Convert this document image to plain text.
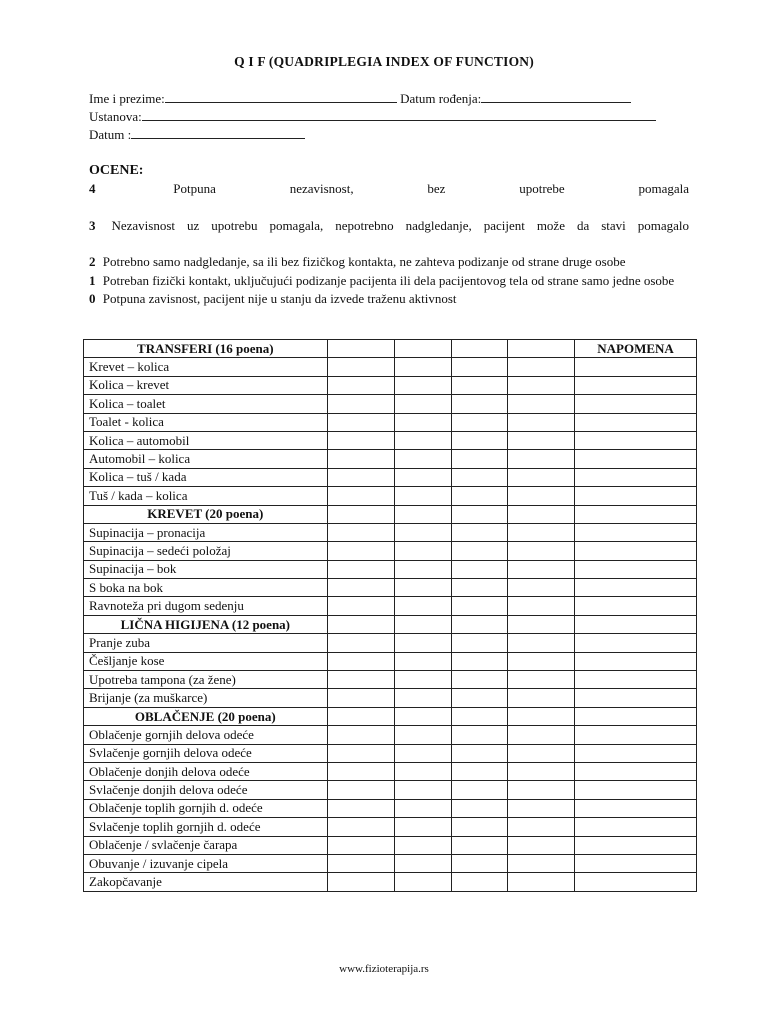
Q I F (QUADRIPLEGIA INDEX OF FUNCTION)
Ime i prezime:	Datum rođenja:
Ustanova:
Datum :
OCENE:
4	Potpuna nezavisnost, bez upotrebe pomagala
3 Nezavisnost uz upotrebu pomagala, nepotrebno nadgledanje, pacijent može da stavi pomagalo
2 Potrebno samo nadgledanje, sa ili bez fizičkog kontakta, ne zahteva podizanje od strane druge osobe
1 Potreban fizički kontakt, uključujući podizanje pacijenta ili dela pacijentovog tela od strane samo jedne osobe
0 Potpuna zavisnost, pacijent nije u stanju da izvede traženu aktivnost
TRANSFERI (16 poena)					NAPOMENA
Krevet – kolica					
Kolica – krevet					
Kolica – toalet					
Toalet - kolica					
Kolica – automobil					
Automobil – kolica					
Kolica – tuš / kada					
Tuš / kada – kolica					
KREVET (20 poena)					
Supinacija – pronacija					
Supinacija – sedeći položaj					
Supinacija – bok					
S boka na bok					
Ravnoteža pri dugom sedenju					
LIČNA HIGIJENA (12 poena)					
Pranje zuba					
Češljanje kose					
Upotreba tampona (za žene)					
Brijanje (za muškarce)					
OBLAČENJE (20 poena)					
Oblačenje gornjih delova odeće					
Svlačenje gornjih delova odeće					
Oblačenje donjih delova odeće					
Svlačenje donjih delova odeće					
Oblačenje toplih gornjih d. odeće					
Svlačenje toplih gornjih d. odeće					
Oblačenje / svlačenje čarapa					
Obuvanje / izuvanje cipela					
Zakopčavanje					
www.fizioterapija.rs
